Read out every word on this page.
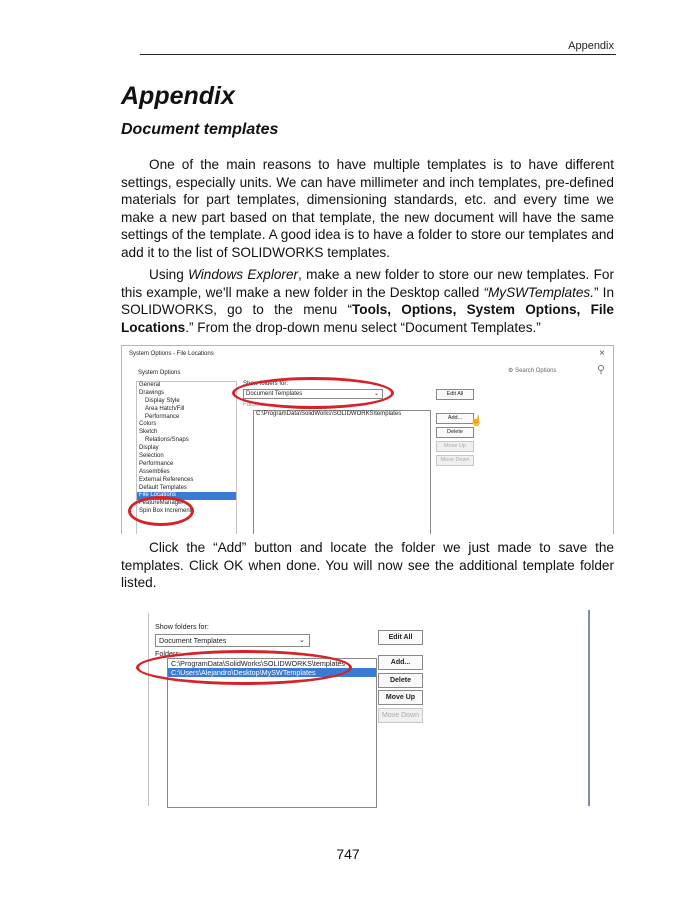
Appendix
Appendix
Document templates
One of the main reasons to have multiple templates is to have different settings, especially units. We can have millimeter and inch templates, pre-defined materials for part templates, dimensioning standards, etc. and every time we make a new part based on that template, the new document will have the same settings of the template. A good idea is to have a folder to store our templates and add it to the list of SOLIDWORKS templates.
Using Windows Explorer, make a new folder to store our new templates. For this example, we'll make a new folder in the Desktop called “MySWTemplates.” In SOLIDWORKS, go to the menu “Tools, Options, System Options, File Locations.” From the drop-down menu select “Document Templates.”
System Options - File Locations	×
System Options	⚙ Search Options	⚲
General
Drawings
Display Style
Area Hatch/Fill
Performance
Colors
Sketch
Relations/Snaps
Display
Selection
Performance
Assemblies
External References
Default Templates
File Locations
FeatureManager
Spin Box Increments
Show folders for:
Document Templates	⌄
Folders:
C:\ProgramData\SolidWorks\SOLIDWORKS\templates
Edit All
Add...
Delete
Move Up
Move Down
☝
Click the “Add” button and locate the folder we just made to save the templates. Click OK when done. You will now see the additional template folder listed.
Show folders for:
Document Templates	⌄
Folders:
C:\ProgramData\SolidWorks\SOLIDWORKS\templates
C:\Users\Alejandro\Desktop\MySWTemplates
Edit All
Add...
Delete
Move Up
Move Down
747
